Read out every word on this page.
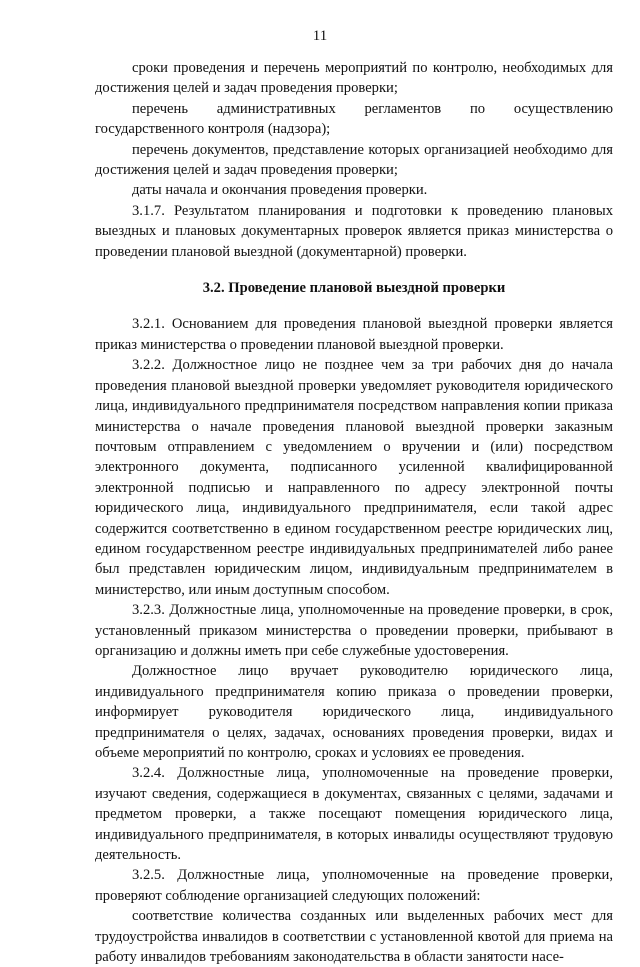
11

сроки проведения и перечень мероприятий по контролю, необходимых для достижения целей и задач проведения проверки;

перечень административных регламентов по осуществлению государственного контроля (надзора);

перечень документов, представление которых организацией необходимо для достижения целей и задач проведения проверки;

даты начала и окончания проведения проверки.

3.1.7. Результатом планирования и подготовки к проведению плановых выездных и плановых документарных проверок является приказ министерства о проведении плановой выездной (документарной) проверки.

3.2. Проведение плановой выездной проверки

3.2.1. Основанием для проведения плановой выездной проверки является приказ министерства о проведении плановой выездной проверки.

3.2.2. Должностное лицо не позднее чем за три рабочих дня до начала проведения плановой выездной проверки уведомляет руководителя юридического лица, индивидуального предпринимателя посредством направления копии приказа министерства о начале проведения плановой выездной проверки заказным почтовым отправлением с уведомлением о вручении и (или) посредством электронного документа, подписанного усиленной квалифицированной электронной подписью и направленного по адресу электронной почты юридического лица, индивидуального предпринимателя, если такой адрес содержится соответственно в едином государственном реестре юридических лиц, едином государственном реестре индивидуальных предпринимателей либо ранее был представлен юридическим лицом, индивидуальным предпринимателем в министерство, или иным доступным способом.

3.2.3. Должностные лица, уполномоченные на проведение проверки, в срок, установленный приказом министерства о проведении проверки, прибывают в организацию и должны иметь при себе служебные удостоверения.

Должностное лицо вручает руководителю юридического лица, индивидуального предпринимателя копию приказа о проведении проверки, информирует руководителя юридического лица, индивидуального предпринимателя о целях, задачах, основаниях проведения проверки, видах и объеме мероприятий по контролю, сроках и условиях ее проведения.

3.2.4. Должностные лица, уполномоченные на проведение проверки, изучают сведения, содержащиеся в документах, связанных с целями, задачами и предметом проверки, а также посещают помещения юридического лица, индивидуального предпринимателя, в которых инвалиды осуществляют трудовую деятельность.

3.2.5. Должностные лица, уполномоченные на проведение проверки, проверяют соблюдение организацией следующих положений:

соответствие количества созданных или выделенных рабочих мест для трудоустройства инвалидов в соответствии с установленной квотой для приема на работу инвалидов требованиям законодательства в области занятости насе-
